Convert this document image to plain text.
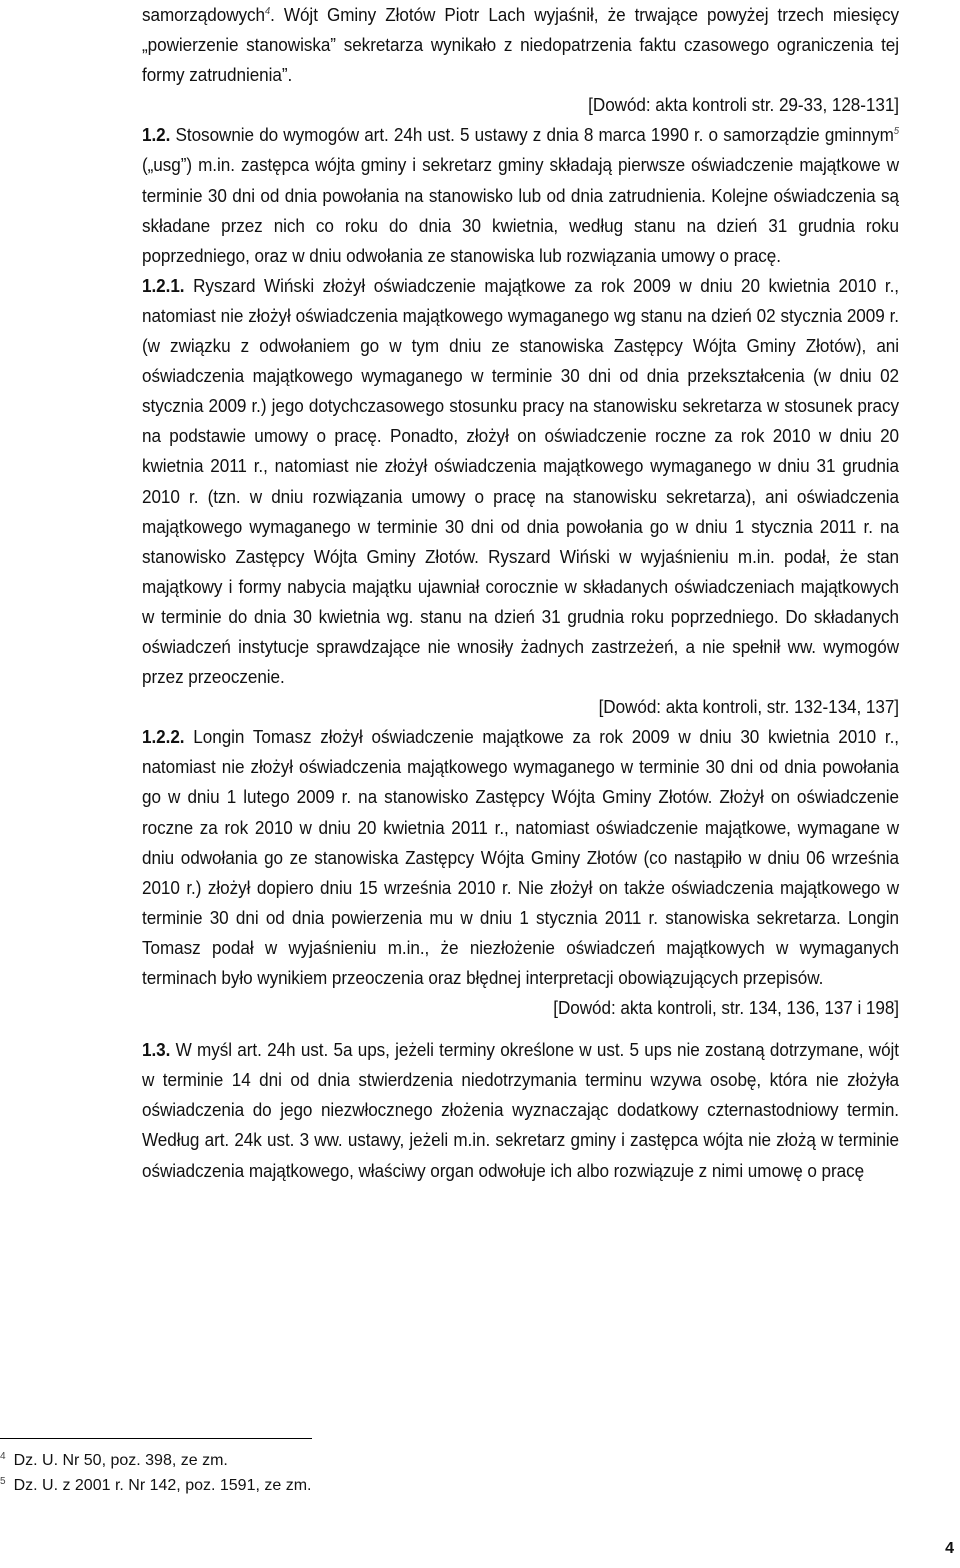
samorządowych$^4$. Wójt Gminy Złotów Piotr Lach wyjaśnił, że trwające powyżej trzech miesięcy „powierzenie stanowiska” sekretarza wynikało z niedopatrzenia faktu czasowego ograniczenia tej formy zatrudnienia”.

[Dowód: akta kontroli str. 29-33, 128-131]

1.2. Stosownie do wymogów art. 24h ust. 5 ustawy z dnia 8 marca 1990 r. o samorządzie gminnym$^5$ („usg”) m.in. zastępca wójta gminy i sekretarz gminy składają pierwsze oświadczenie majątkowe w terminie 30 dni od dnia powołania na stanowisko lub od dnia zatrudnienia. Kolejne oświadczenia są składane przez nich co roku do dnia 30 kwietnia, według stanu na dzień 31 grudnia roku poprzedniego, oraz w dniu odwołania ze stanowiska lub rozwiązania umowy o pracę.

1.2.1. Ryszard Wiński złożył oświadczenie majątkowe za rok 2009 w dniu 20 kwietnia 2010 r., natomiast nie złożył oświadczenia majątkowego wymaganego wg stanu na dzień 02 stycznia 2009 r. (w związku z odwołaniem go w tym dniu ze stanowiska Zastępcy Wójta Gminy Złotów), ani oświadczenia majątkowego wymaganego w terminie 30 dni od dnia przekształcenia (w dniu 02 stycznia 2009 r.) jego dotychczasowego stosunku pracy na stanowisku sekretarza w stosunek pracy na podstawie umowy o pracę. Ponadto, złożył on oświadczenie roczne za rok 2010 w dniu 20 kwietnia 2011 r., natomiast nie złożył oświadczenia majątkowego wymaganego w dniu 31 grudnia 2010 r. (tzn. w dniu rozwiązania umowy o pracę na stanowisku sekretarza), ani oświadczenia majątkowego wymaganego w terminie 30 dni od dnia powołania go w dniu 1 stycznia 2011 r. na stanowisko Zastępcy Wójta Gminy Złotów. Ryszard Wiński w wyjaśnieniu m.in. podał, że stan majątkowy i formy nabycia majątku ujawniał corocznie w składanych oświadczeniach majątkowych w terminie do dnia 30 kwietnia wg. stanu na dzień 31 grudnia roku poprzedniego. Do składanych oświadczeń instytucje sprawdzające nie wnosiły żadnych zastrzeżeń, a nie spełnił ww. wymogów przez przeoczenie.

[Dowód: akta kontroli, str. 132-134, 137]

1.2.2. Longin Tomasz złożył oświadczenie majątkowe za rok 2009 w dniu 30 kwietnia 2010 r., natomiast nie złożył oświadczenia majątkowego wymaganego w terminie 30 dni od dnia powołania go w dniu 1 lutego 2009 r. na stanowisko Zastępcy Wójta Gminy Złotów. Złożył on oświadczenie roczne za rok 2010 w dniu 20 kwietnia 2011 r., natomiast oświadczenie majątkowe, wymagane w dniu odwołania go ze stanowiska Zastępcy Wójta Gminy Złotów (co nastąpiło w dniu 06 września 2010 r.) złożył dopiero dniu 15 września 2010 r. Nie złożył on także oświadczenia majątkowego w terminie 30 dni od dnia powierzenia mu w dniu 1 stycznia 2011 r. stanowiska sekretarza. Longin Tomasz podał w wyjaśnieniu m.in., że niezłożenie oświadczeń majątkowych w wymaganych terminach było wynikiem przeoczenia oraz błędnej interpretacji obowiązujących przepisów.

[Dowód: akta kontroli, str. 134, 136, 137 i 198]

1.3. W myśl art. 24h ust. 5a ups, jeżeli terminy określone w ust. 5 ups nie zostaną dotrzymane, wójt w terminie 14 dni od dnia stwierdzenia niedotrzymania terminu wzywa osobę, która nie złożyła oświadczenia do jego niezwłocznego złożenia wyznaczając dodatkowy czternastodniowy termin. Według art. 24k ust. 3 ww. ustawy, jeżeli m.in. sekretarz gminy i zastępca wójta nie złożą w terminie oświadczenia majątkowego, właściwy organ odwołuje ich albo rozwiązuje z nimi umowę o pracę

$^4$ Dz. U. Nr 50, poz. 398, ze zm.
$^5$ Dz. U. z 2001 r. Nr 142, poz. 1591, ze zm.
4
